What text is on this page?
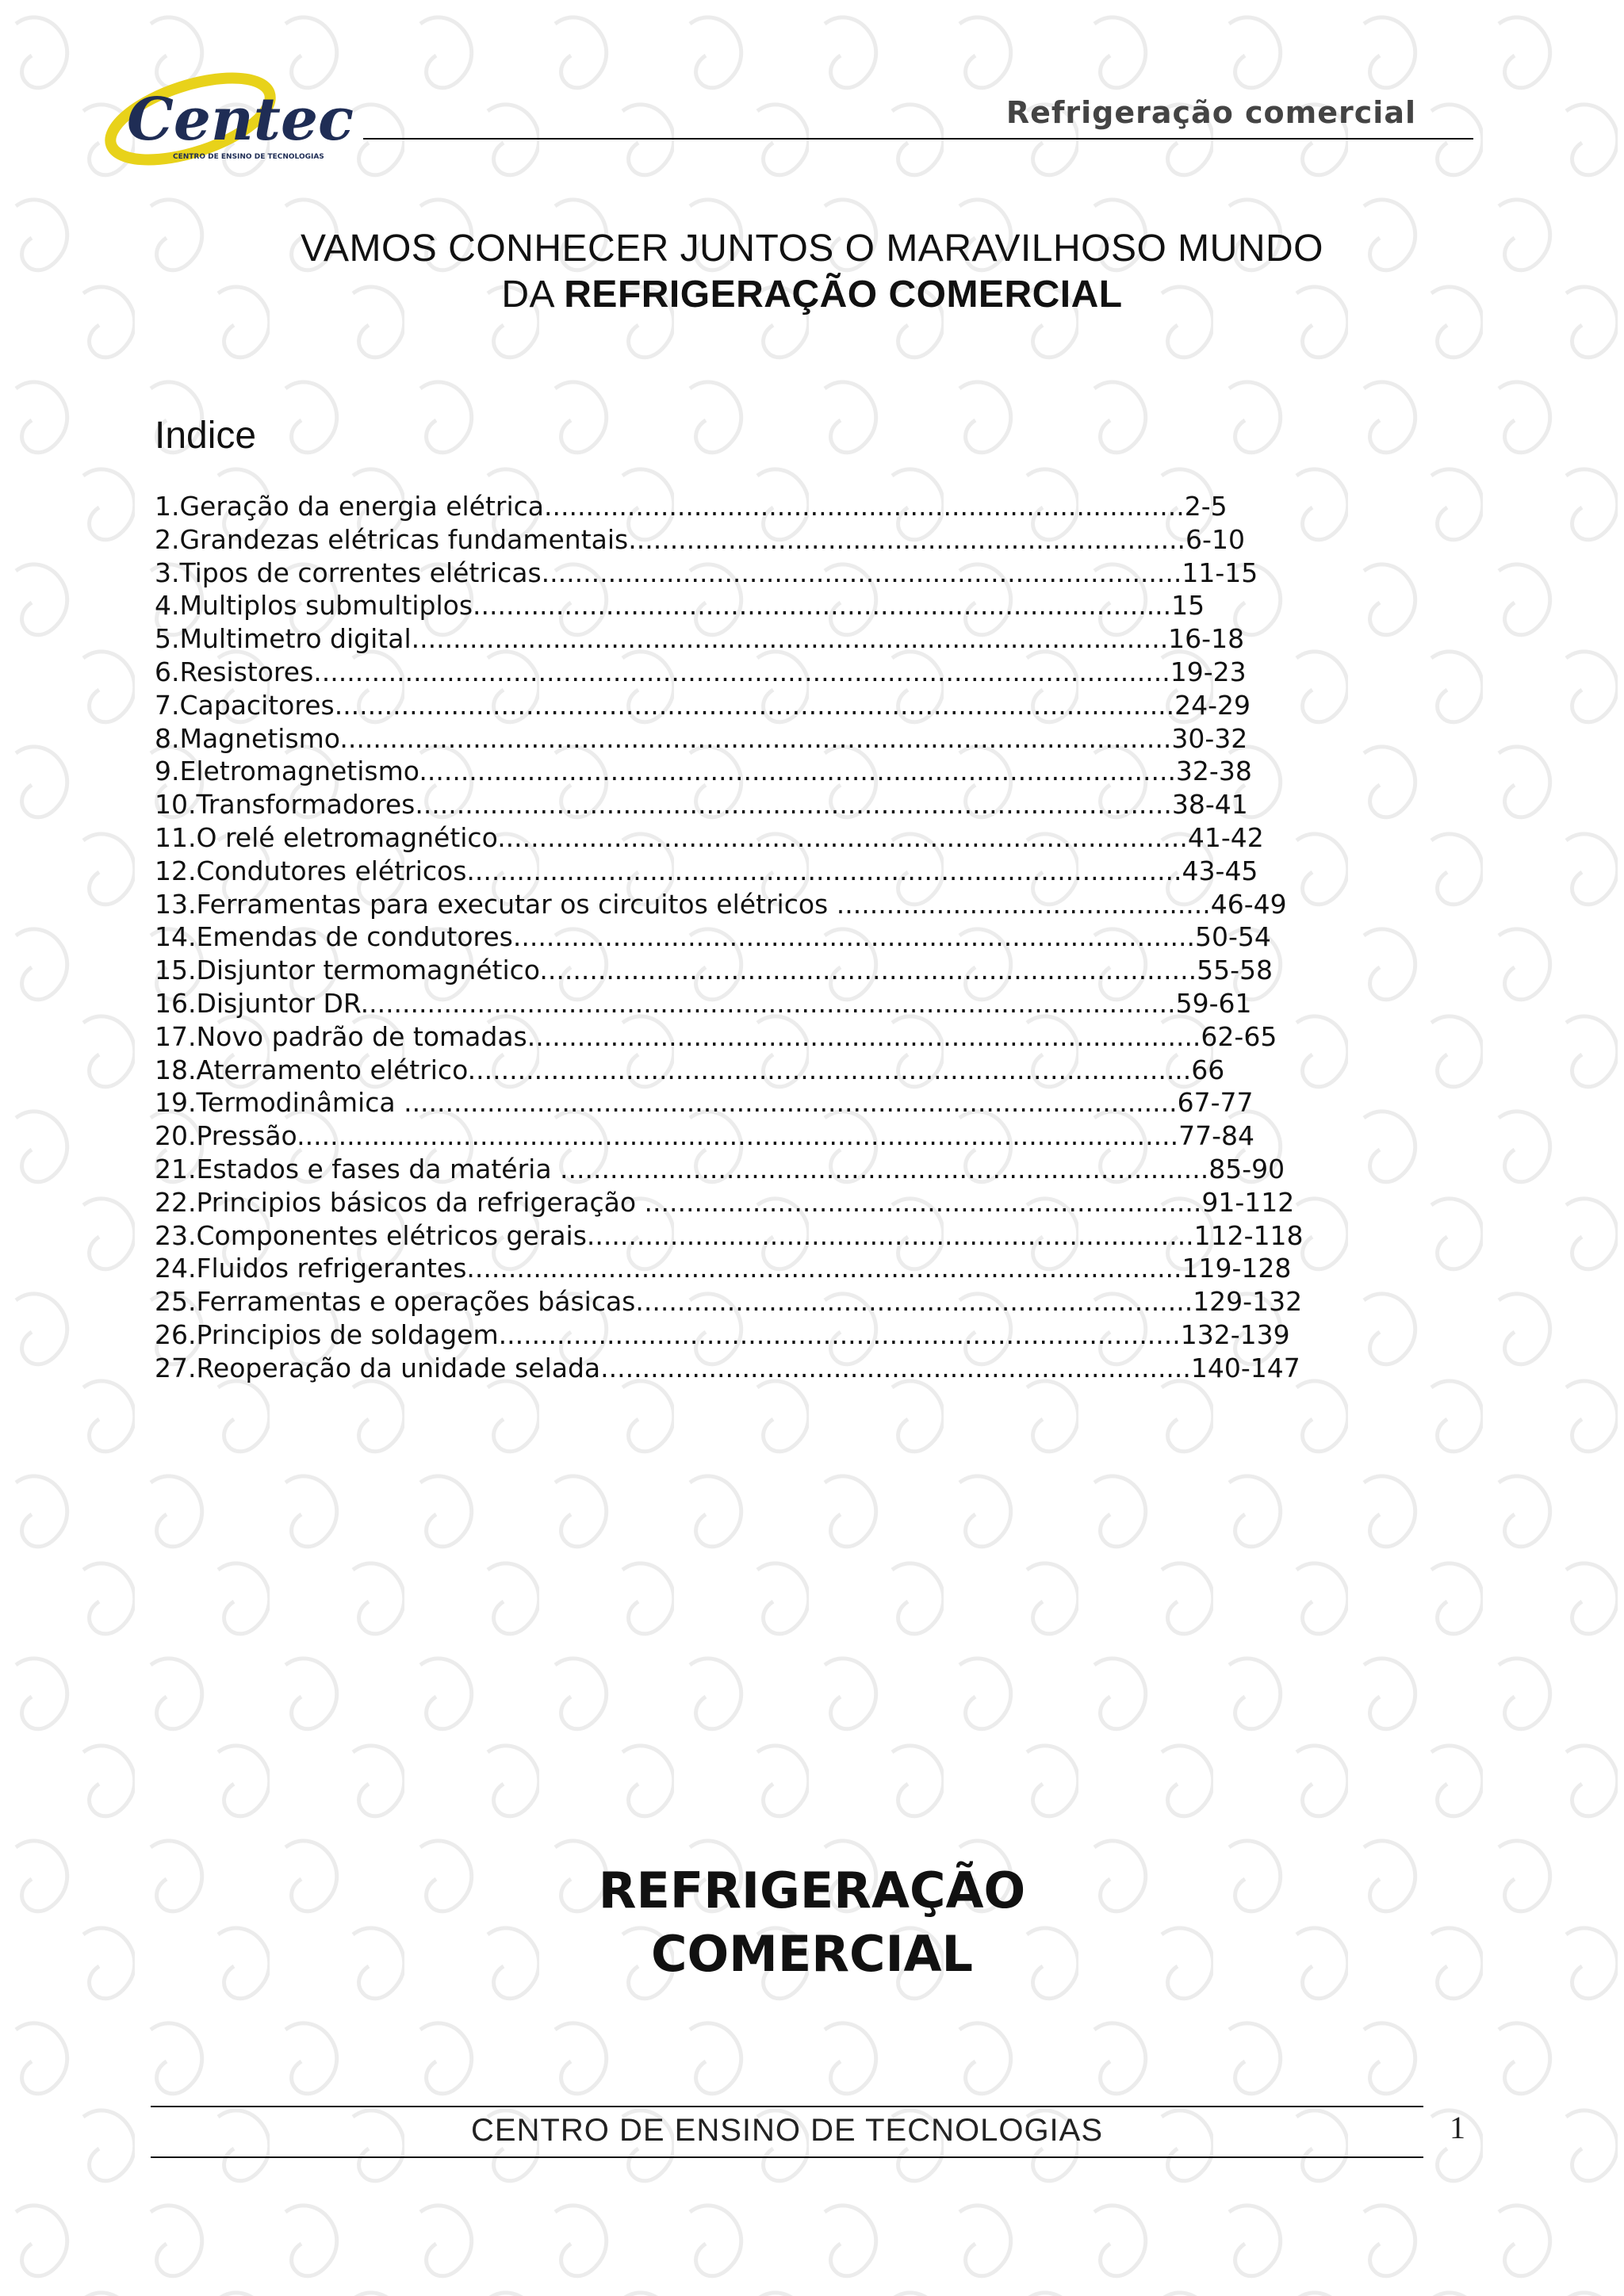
Centec
CENTRO DE ENSINO DE TECNOLOGIAS
Refrigeração comercial
VAMOS CONHECER JUNTOS O MARAVILHOSO MUNDO
DA REFRIGERAÇÃO COMERCIAL
Indice
1.Geração da energia elétrica.............................................................................2-5
2.Grandezas elétricas fundamentais...................................................................6-10
3.Tipos de correntes elétricas.............................................................................11-15
4.Multiplos submultiplos....................................................................................15
5.Multimetro digital...........................................................................................16-18
6.Resistores.......................................................................................................19-23
7.Capacitores.....................................................................................................24-29
8.Magnetismo....................................................................................................30-32
9.Eletromagnetismo...........................................................................................32-38
10.Transformadores...........................................................................................38-41
11.O relé eletromagnético...................................................................................41-42
12.Condutores elétricos......................................................................................43-45
13.Ferramentas para executar os circuitos elétricos .............................................46-49
14.Emendas de condutores..................................................................................50-54
15.Disjuntor termomagnético...............................................................................55-58
16.Disjuntor DR..................................................................................................59-61
17.Novo padrão de tomadas.................................................................................62-65
18.Aterramento elétrico.......................................................................................66
19.Termodinâmica .............................................................................................67-77
20.Pressão..........................................................................................................77-84
21.Estados e fases da matéria ..............................................................................85-90
22.Principios básicos da refrigeração ...................................................................91-112
23.Componentes elétricos gerais.........................................................................112-118
24.Fluidos refrigerantes......................................................................................119-128
25.Ferramentas e operações básicas...................................................................129-132
26.Principios de soldagem..................................................................................132-139
27.Reoperação da unidade selada.......................................................................140-147
REFRIGERAÇÃO
COMERCIAL
CENTRO DE ENSINO DE TECNOLOGIAS	1
